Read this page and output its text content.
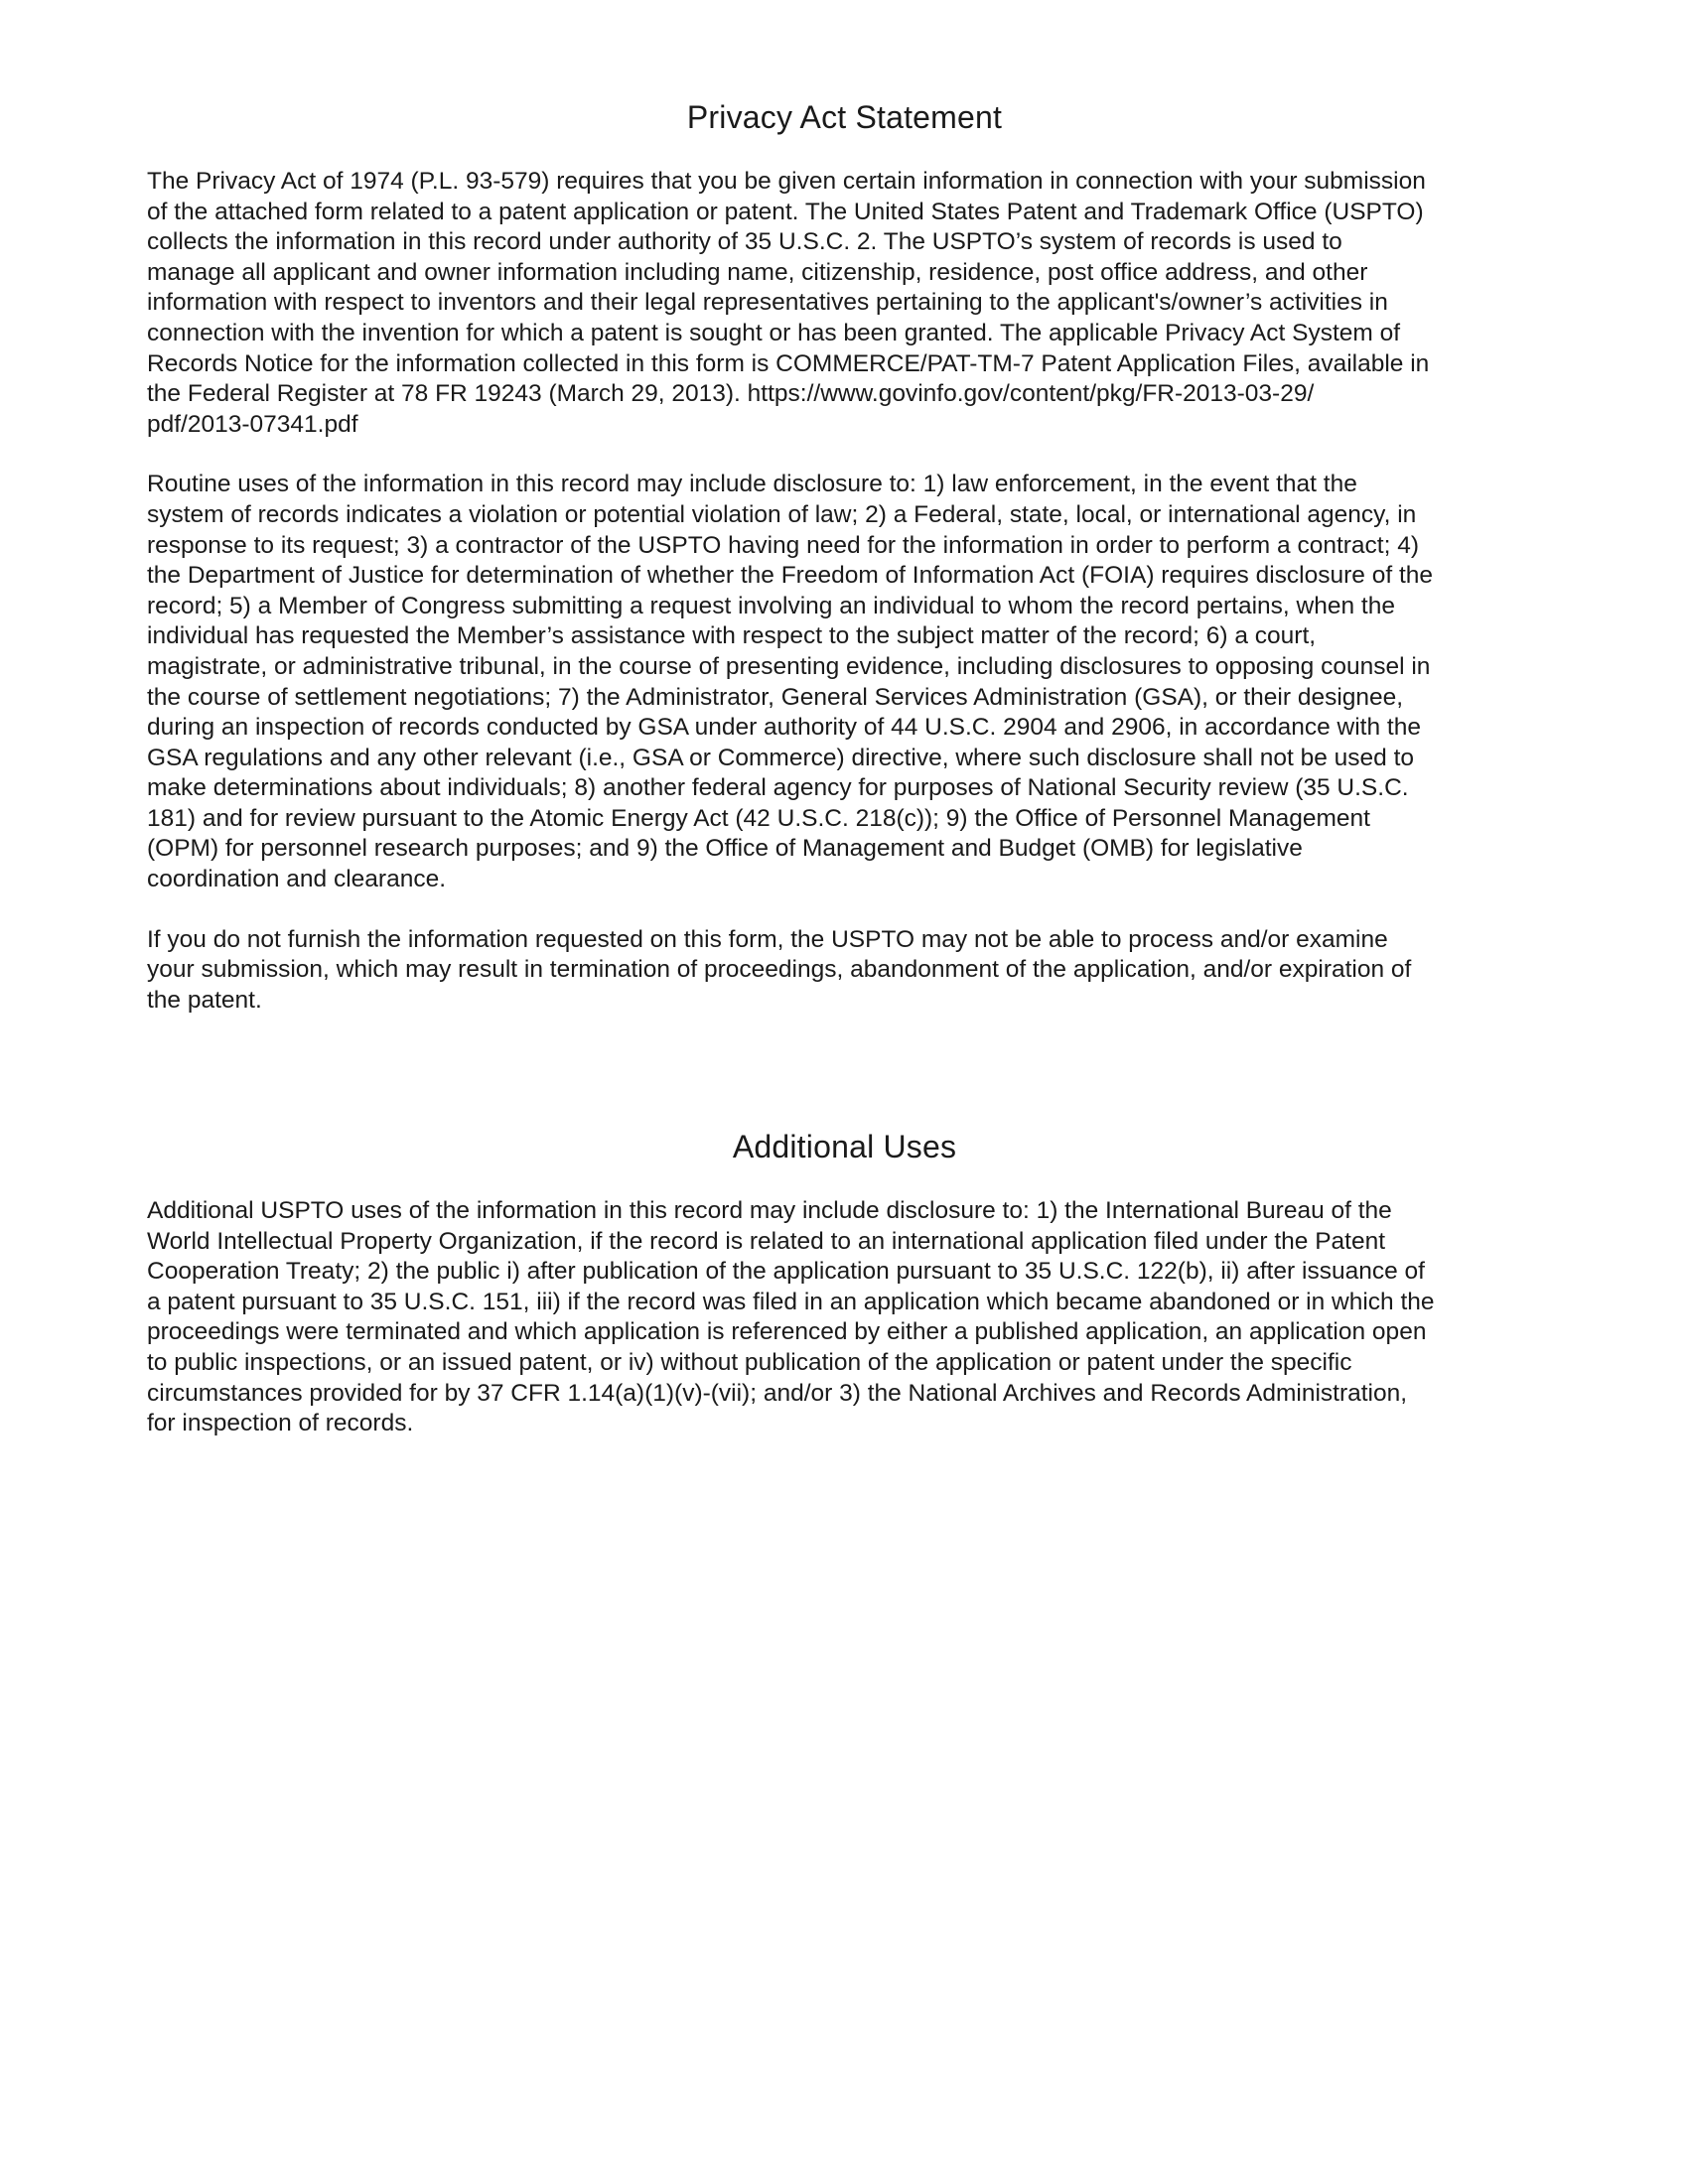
Privacy Act Statement

The Privacy Act of 1974 (P.L. 93-579) requires that you be given certain information in connection with your submission
of the attached form related to a patent application or patent. The United States Patent and Trademark Office (USPTO)
collects the information in this record under authority of 35 U.S.C. 2. The USPTO’s system of records is used to
manage all applicant and owner information including name, citizenship, residence, post office address, and other
information with respect to inventors and their legal representatives pertaining to the applicant's/owner’s activities in
connection with the invention for which a patent is sought or has been granted. The applicable Privacy Act System of
Records Notice for the information collected in this form is COMMERCE/PAT-TM-7 Patent Application Files, available in
the Federal Register at 78 FR 19243 (March 29, 2013). https://www.govinfo.gov/content/pkg/FR-2013-03-29/
pdf/2013-07341.pdf

Routine uses of the information in this record may include disclosure to: 1) law enforcement, in the event that the
system of records indicates a violation or potential violation of law; 2) a Federal, state, local, or international agency, in
response to its request; 3) a contractor of the USPTO having need for the information in order to perform a contract; 4)
the Department of Justice for determination of whether the Freedom of Information Act (FOIA) requires disclosure of the
record; 5) a Member of Congress submitting a request involving an individual to whom the record pertains, when the
individual has requested the Member’s assistance with respect to the subject matter of the record; 6) a court,
magistrate, or administrative tribunal, in the course of presenting evidence, including disclosures to opposing counsel in
the course of settlement negotiations; 7) the Administrator, General Services Administration (GSA), or their designee,
during an inspection of records conducted by GSA under authority of 44 U.S.C. 2904 and 2906, in accordance with the
GSA regulations and any other relevant (i.e., GSA or Commerce) directive, where such disclosure shall not be used to
make determinations about individuals; 8) another federal agency for purposes of National Security review (35 U.S.C.
181) and for review pursuant to the Atomic Energy Act (42 U.S.C. 218(c)); 9) the Office of Personnel Management
(OPM) for personnel research purposes; and 9) the Office of Management and Budget (OMB) for legislative
coordination and clearance.

If you do not furnish the information requested on this form, the USPTO may not be able to process and/or examine
your submission, which may result in termination of proceedings, abandonment of the application, and/or expiration of
the patent.

Additional Uses

Additional USPTO uses of the information in this record may include disclosure to: 1) the International Bureau of the
World Intellectual Property Organization, if the record is related to an international application filed under the Patent
Cooperation Treaty; 2) the public i) after publication of the application pursuant to 35 U.S.C. 122(b), ii) after issuance of
a patent pursuant to 35 U.S.C. 151, iii) if the record was filed in an application which became abandoned or in which the
proceedings were terminated and which application is referenced by either a published application, an application open
to public inspections, or an issued patent, or iv) without publication of the application or patent under the specific
circumstances provided for by 37 CFR 1.14(a)(1)(v)-(vii); and/or 3) the National Archives and Records Administration,
for inspection of records.
